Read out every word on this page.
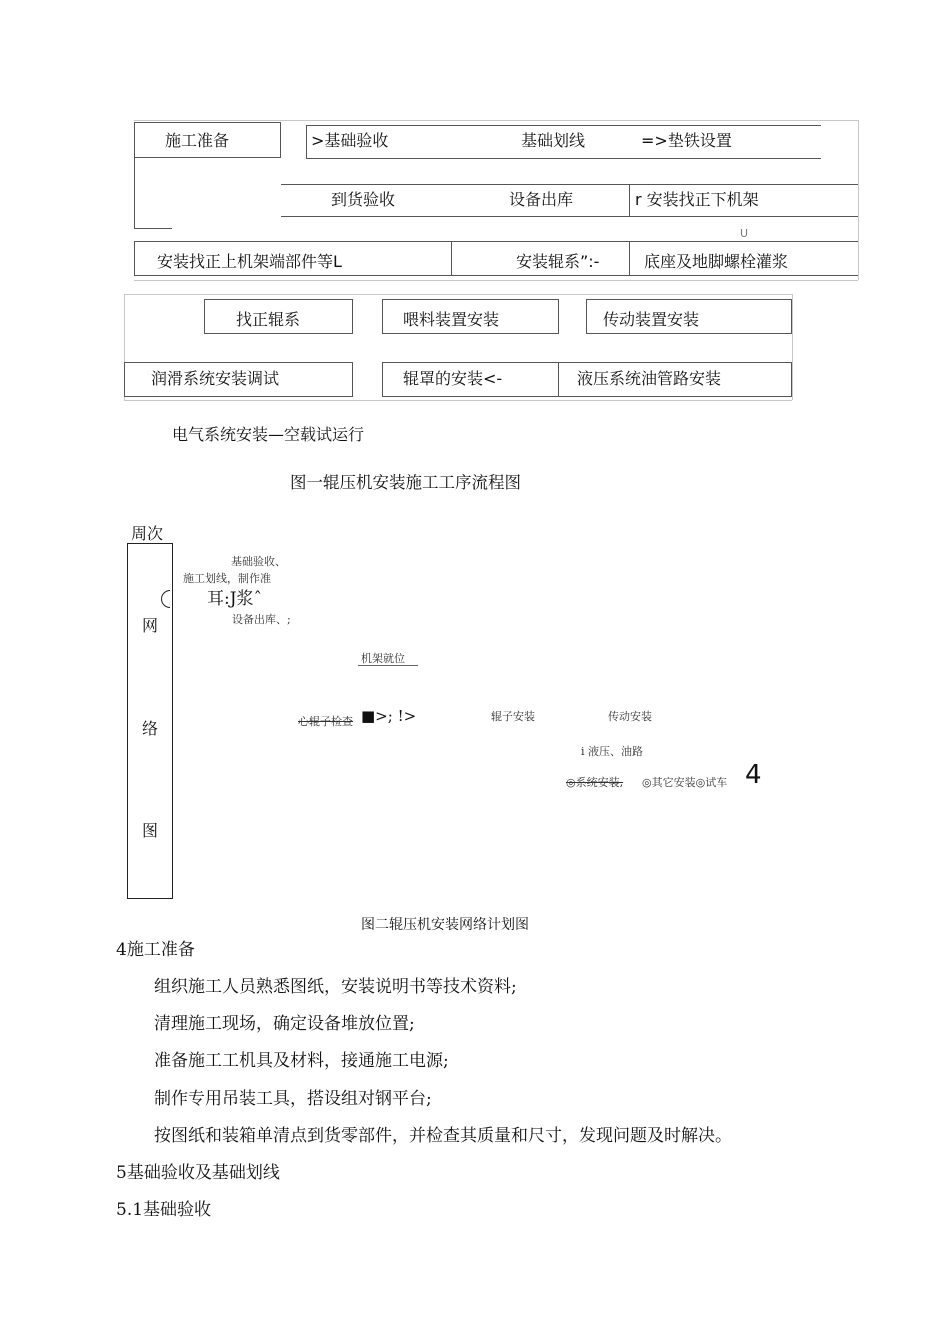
施工准备	>基础验收	基础划线	=>垫铁设置
到货验收	设备出库	r 安装找正下机架
U
安装找正上机架端部件等L	安装辊系”:-	底座及地脚螺栓灌浆
找正辊系	喂料装置安装	传动装置安装
润滑系统安装调试	辊罩的安装<-	液压系统油管路安装
电气系统安装—空载试运行
图一辊压机安装施工工序流程图
周次
网
络
图
基础验收、
施工划线，制作准
耳:J浆ˆ
设备出库、;
机架就位
心辊子检查 ■>; !>	辊子安装	传动安装
i 液压、油路
◎系统安装, ◎其它安装◎试车 4
图二辊压机安装网络计划图
4施工准备
组织施工人员熟悉图纸，安装说明书等技术资料;
清理施工现场，确定设备堆放位置;
准备施工工机具及材料，接通施工电源;
制作专用吊装工具，搭设组对钢平台;
按图纸和装箱单清点到货零部件，并检查其质量和尺寸，发现问题及时解决。
5基础验收及基础划线
5.1基础验收
